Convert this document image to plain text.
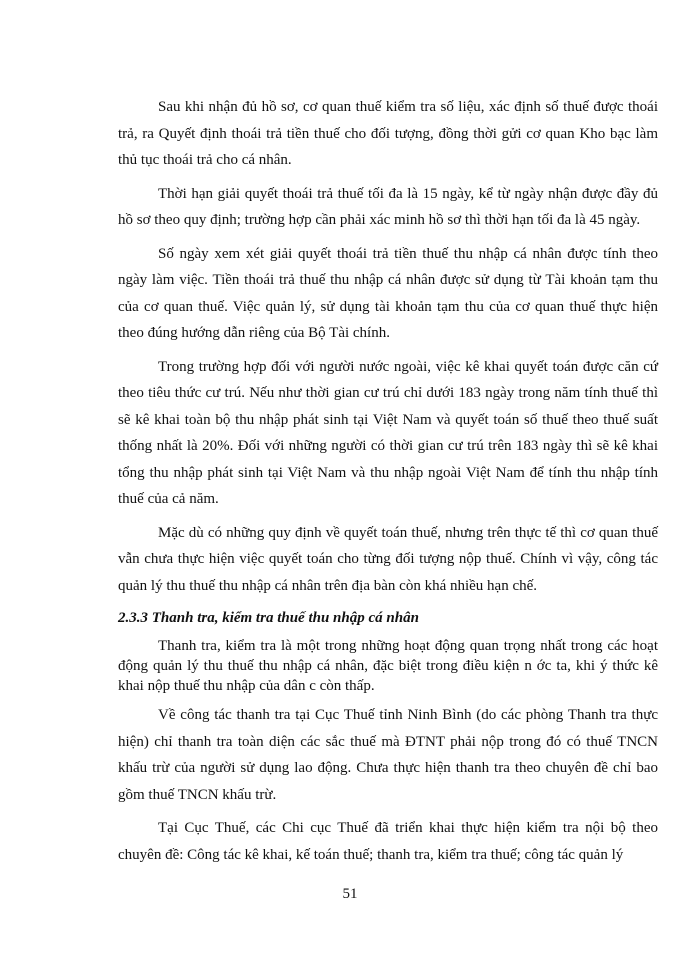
Sau khi nhận đủ hồ sơ, cơ quan thuế kiểm tra số liệu, xác định số thuế được thoái trả, ra Quyết định thoái trả tiền thuế cho đối tượng, đồng thời gửi cơ quan Kho bạc làm thủ tục thoái trả cho cá nhân.

Thời hạn giải quyết thoái trả thuế tối đa là 15 ngày, kể từ ngày nhận được đầy đủ hồ sơ theo quy định; trường hợp cần phải xác minh hồ sơ thì thời hạn tối đa là 45 ngày.

Số ngày xem xét giải quyết thoái trả tiền thuế thu nhập cá nhân được tính theo ngày làm việc. Tiền thoái trả thuế thu nhập cá nhân được sử dụng từ Tài khoản tạm thu của cơ quan thuế. Việc quản lý, sử dụng tài khoản tạm thu của cơ quan thuế thực hiện theo đúng hướng dẫn riêng của Bộ Tài chính.

Trong trường hợp đối với người nước ngoài, việc kê khai quyết toán được căn cứ theo tiêu thức cư trú. Nếu như thời gian cư trú chỉ dưới 183 ngày trong năm tính thuế thì sẽ kê khai toàn bộ thu nhập phát sinh tại Việt Nam và quyết toán số thuế theo thuế suất thống nhất là 20%. Đối với những người có thời gian cư trú trên 183 ngày thì sẽ kê khai tổng thu nhập phát sinh tại Việt Nam và thu nhập ngoài Việt Nam để tính thu nhập tính thuế của cả năm.

Mặc dù có những quy định về quyết toán thuế, nhưng trên thực tế thì cơ quan thuế vẫn chưa thực hiện việc quyết toán cho từng đối tượng nộp thuế. Chính vì vậy, công tác quản lý thu thuế thu nhập cá nhân trên địa bàn còn khá nhiều hạn chế.

2.3.3 Thanh tra, kiểm tra thuế thu nhập cá nhân

Thanh tra, kiểm tra là một trong những hoạt động quan trọng nhất trong các hoạt động quản lý thu thuế thu nhập cá nhân, đặc biệt trong điều kiện n ớc ta, khi ý thức kê khai nộp thuế thu nhập của dân c còn thấp.

Về công tác thanh tra tại Cục Thuế tỉnh Ninh Bình (do các phòng Thanh tra thực hiện) chỉ thanh tra toàn diện các sắc thuế mà ĐTNT phải nộp trong đó có thuế TNCN khấu trừ của người sử dụng lao động. Chưa thực hiện thanh tra theo chuyên đề chỉ bao gồm thuế TNCN khấu trừ.

Tại Cục Thuế, các Chi cục Thuế đã triển khai thực hiện kiểm tra nội bộ theo chuyên đề: Công tác kê khai, kế toán thuế; thanh tra, kiểm tra thuế; công tác quản lý

51
